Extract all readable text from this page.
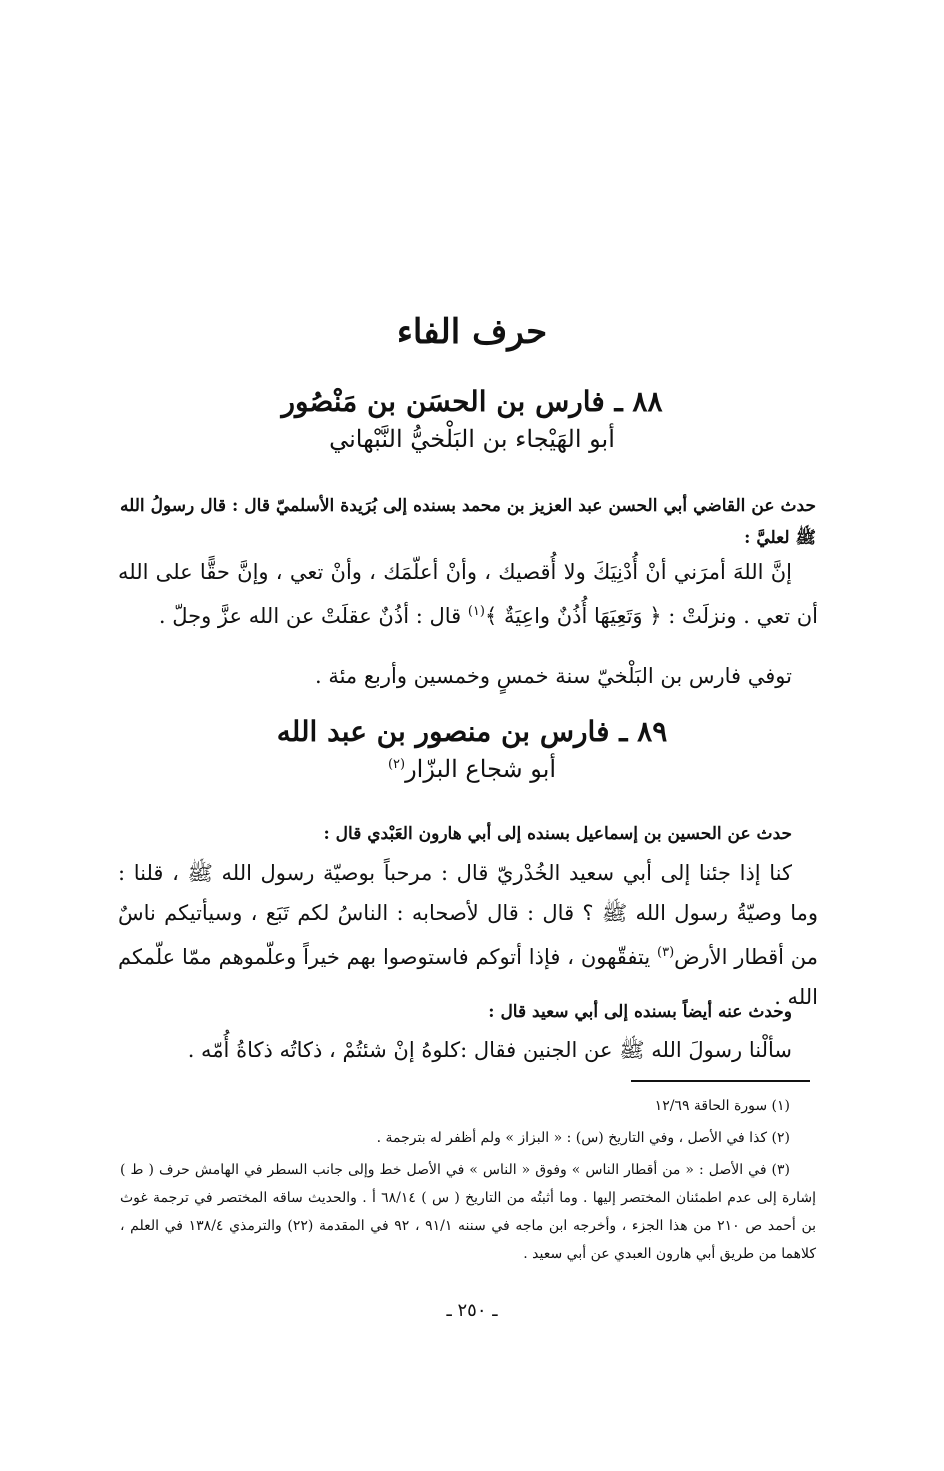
حرف الفاء
٨٨ ـ فارس بن الحسَن بن مَنْصُور
أبو الهَيْجاء بن البَلْخيُّ النَّبْهاني
حدث عن القاضي أبي الحسن عبد العزيز بن محمد بسنده إلى بُرَيدة الأسلميّ قال : قال رسولُ الله ﷺ لعليَّ :

إنَّ اللهَ أمرَني أنْ أُدْنِيَكَ ولا أُقصيك ، وأنْ أعلّمَك ، وأنْ تعي ، وإنَّ حقًّا على الله أن تعي . ونزلَتْ : ﴿ وَتَعِيَهَا أُذُنٌ واعِيَةٌ ﴾$^{(١)}$ قال : أذُنٌ عقلَتْ عن الله عزَّ وجلّ .

توفي فارس بن البَلْخيّ سنة خمسٍ وخمسين وأربع مئة .
٨٩ ـ فارس بن منصور بن عبد الله
أبو شجاع البزّار$^{(٢)}$
حدث عن الحسين بن إسماعيل بسنده إلى أبي هارون العَبْدي قال :

كنا إذا جئنا إلى أبي سعيد الخُدْريّ قال : مرحباً بوصيّة رسول الله ﷺ ، قلنا : وما وصيّةُ رسول الله ﷺ ؟ قال : قال لأصحابه : الناسُ لكم تَبَع ، وسيأتيكم ناسٌ من أقطار الأرض$^{(٣)}$ يتفقّهون ، فإذا أتوكم فاستوصوا بهم خيراً وعلّموهم ممّا علّمكم الله .

وحدث عنه أيضاً بسنده إلى أبي سعيد قال :
سألْنا رسولَ الله ﷺ عن الجنين فقال :كلوهُ إنْ شئتُمْ ، ذكاتُه ذكاةُ أُمّه .
(١) سورة الحاقة ١٢/٦٩
(٢) كذا في الأصل ، وفي التاريخ (س) : « البزاز » ولم أظفر له بترجمة .
(٣) في الأصل : « من أقطار الناس » وفوق « الناس » في الأصل خط وإلى جانب السطر في الهامش حرف ( ط ) إشارة إلى عدم اطمئنان المختصر إليها . وما أثبتُه من التاريخ ( س ) ٦٨/١٤ أ . والحديث ساقه المختصر في ترجمة غوث بن أحمد ص ٢١٠ من هذا الجزء ، وأخرجه ابن ماجه في سننه ٩١/١ ، ٩٢ في المقدمة (٢٢) والترمذي ١٣٨/٤ في العلم ، كلاهما من طريق أبي هارون العبدي عن أبي سعيد .
ـ ٢٥٠ ـ
